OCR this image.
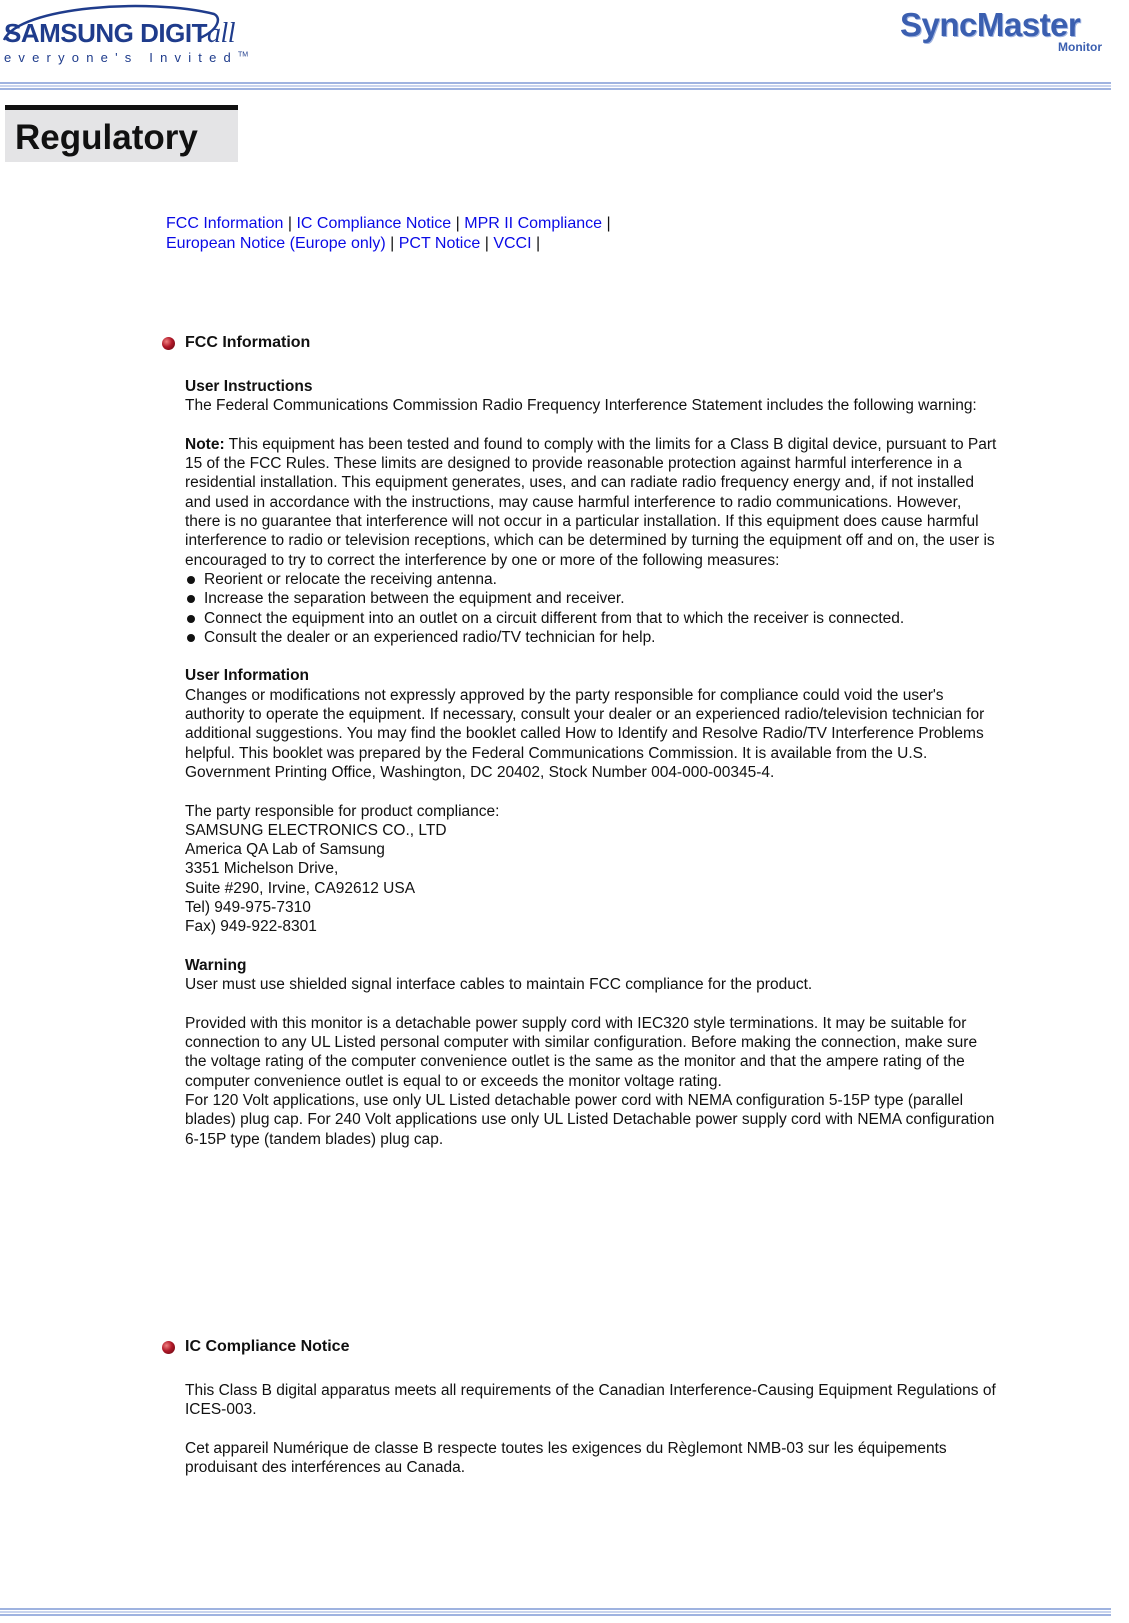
SAMSUNG DIGITall
everyone's Invited™
SyncMaster
Monitor
Regulatory
FCC Information | IC Compliance Notice | MPR II Compliance |
European Notice (Europe only) | PCT Notice | VCCI |
FCC Information

User Instructions
The Federal Communications Commission Radio Frequency Interference Statement includes the following warning:

Note: This equipment has been tested and found to comply with the limits for a Class B digital device, pursuant to Part 15 of the FCC Rules. These limits are designed to provide reasonable protection against harmful interference in a residential installation. This equipment generates, uses, and can radiate radio frequency energy and, if not installed and used in accordance with the instructions, may cause harmful interference to radio communications. However, there is no guarantee that interference will not occur in a particular installation. If this equipment does cause harmful interference to radio or television receptions, which can be determined by turning the equipment off and on, the user is encouraged to try to correct the interference by one or more of the following measures:

Reorient or relocate the receiving antenna.
Increase the separation between the equipment and receiver.
Connect the equipment into an outlet on a circuit different from that to which the receiver is connected.
Consult the dealer or an experienced radio/TV technician for help.

User Information
Changes or modifications not expressly approved by the party responsible for compliance could void the user's authority to operate the equipment. If necessary, consult your dealer or an experienced radio/television technician for additional suggestions. You may find the booklet called How to Identify and Resolve Radio/TV Interference Problems helpful. This booklet was prepared by the Federal Communications Commission. It is available from the U.S. Government Printing Office, Washington, DC 20402, Stock Number 004-000-00345-4.

The party responsible for product compliance:
SAMSUNG ELECTRONICS CO., LTD
America QA Lab of Samsung
3351 Michelson Drive,
Suite #290, Irvine, CA92612 USA
Tel) 949-975-7310
Fax) 949-922-8301

Warning
User must use shielded signal interface cables to maintain FCC compliance for the product.

Provided with this monitor is a detachable power supply cord with IEC320 style terminations. It may be suitable for connection to any UL Listed personal computer with similar configuration. Before making the connection, make sure the voltage rating of the computer convenience outlet is the same as the monitor and that the ampere rating of the computer convenience outlet is equal to or exceeds the monitor voltage rating.
For 120 Volt applications, use only UL Listed detachable power cord with NEMA configuration 5-15P type (parallel blades) plug cap. For 240 Volt applications use only UL Listed Detachable power supply cord with NEMA configuration 6-15P type (tandem blades) plug cap.

IC Compliance Notice

This Class B digital apparatus meets all requirements of the Canadian Interference-Causing Equipment Regulations of ICES-003.

Cet appareil Numérique de classe B respecte toutes les exigences du Règlemont NMB-03 sur les équipements produisant des interférences au Canada.
